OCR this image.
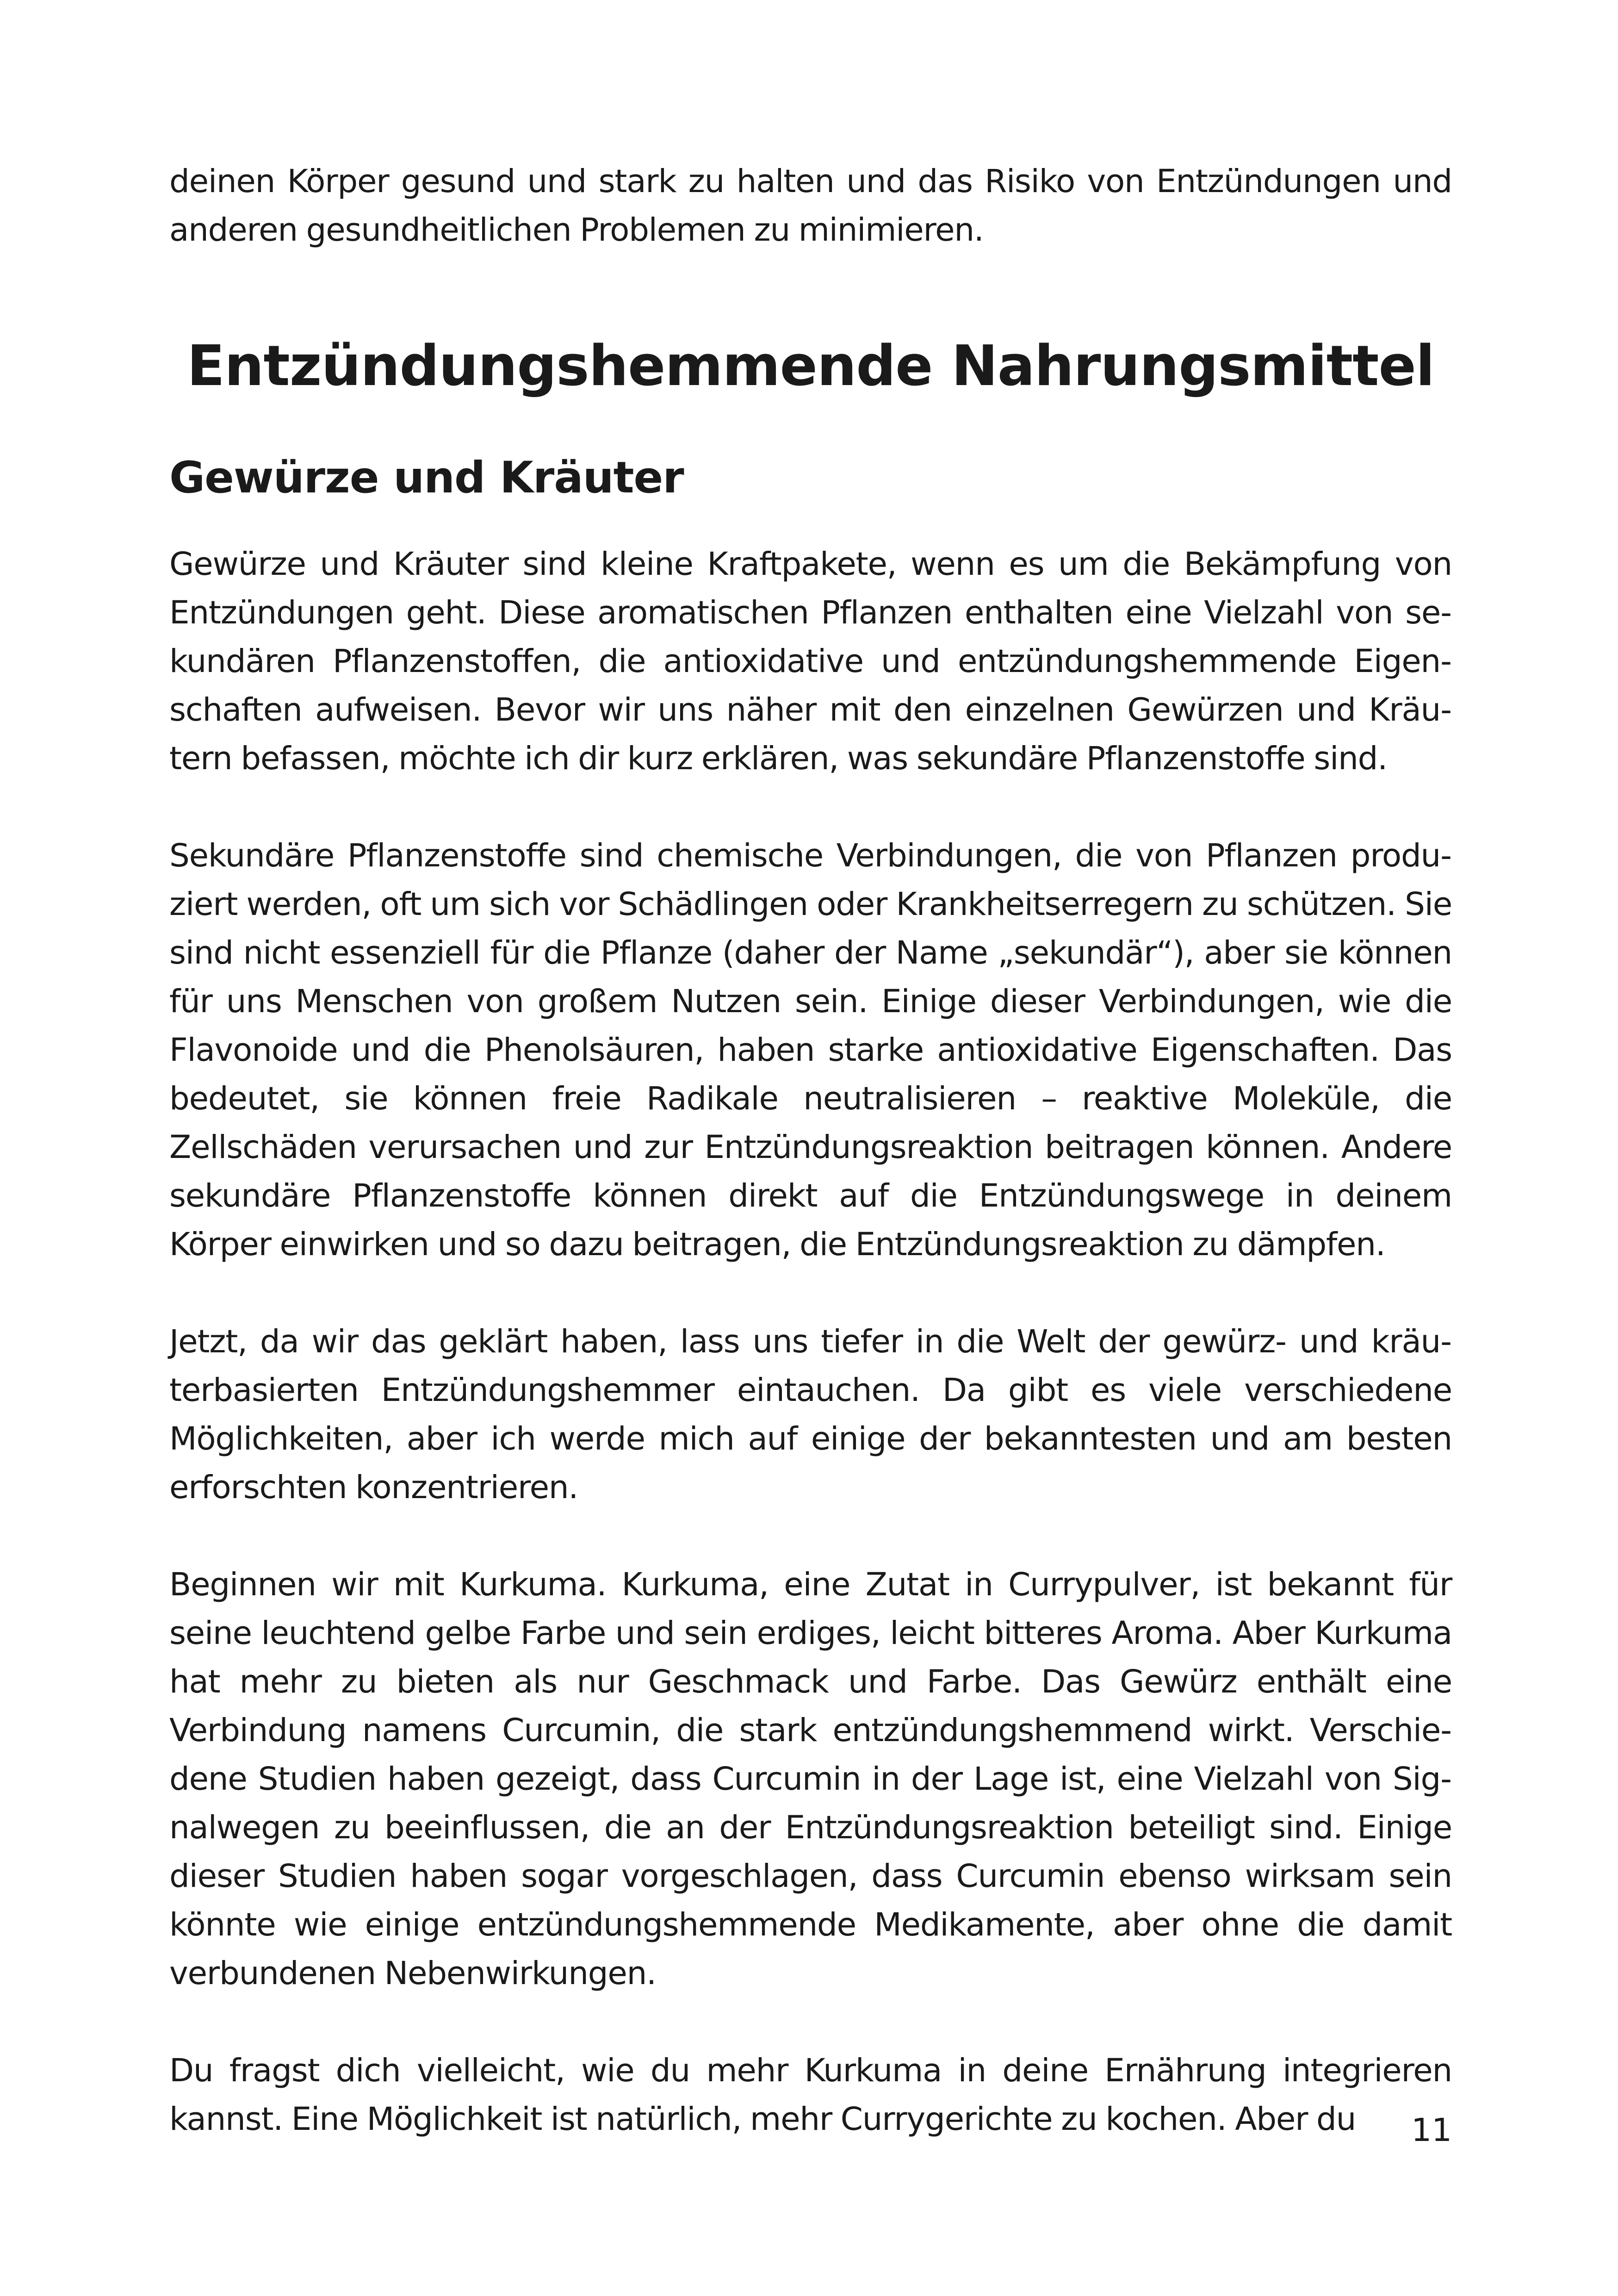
deinen Körper gesund und stark zu halten und das Risiko von Entzündungen und anderen gesundheitlichen Problemen zu minimieren.

Entzündungshemmende Nahrungsmittel
Gewürze und Kräuter

Gewürze und Kräuter sind kleine Kraftpakete, wenn es um die Bekämpfung von Entzündungen geht. Diese aromatischen Pflanzen enthalten eine Vielzahl von sekundären Pflanzenstoffen, die antioxidative und entzündungshemmende Eigenschaften aufweisen. Bevor wir uns näher mit den einzelnen Gewürzen und Kräutern befassen, möchte ich dir kurz erklären, was sekundäre Pflanzenstoffe sind.

Sekundäre Pflanzenstoffe sind chemische Verbindungen, die von Pflanzen produziert werden, oft um sich vor Schädlingen oder Krankheitserregern zu schützen. Sie sind nicht essenziell für die Pflanze (daher der Name „sekundär“), aber sie können für uns Menschen von großem Nutzen sein. Einige dieser Verbindungen, wie die Flavonoide und die Phenolsäuren, haben starke antioxidative Eigenschaften. Das bedeutet, sie können freie Radikale neutralisieren – reaktive Moleküle, die Zellschäden verursachen und zur Entzündungsreaktion beitragen können. Andere sekundäre Pflanzenstoffe können direkt auf die Entzündungswege in deinem Körper einwirken und so dazu beitragen, die Entzündungsreaktion zu dämpfen.

Jetzt, da wir das geklärt haben, lass uns tiefer in die Welt der gewürz- und kräuterbasierten Entzündungshemmer eintauchen. Da gibt es viele verschiedene Möglichkeiten, aber ich werde mich auf einige der bekanntesten und am besten erforschten konzentrieren.

Beginnen wir mit Kurkuma. Kurkuma, eine Zutat in Currypulver, ist bekannt für seine leuchtend gelbe Farbe und sein erdiges, leicht bitteres Aroma. Aber Kurkuma hat mehr zu bieten als nur Geschmack und Farbe. Das Gewürz enthält eine Verbindung namens Curcumin, die stark entzündungshemmend wirkt. Verschiedene Studien haben gezeigt, dass Curcumin in der Lage ist, eine Vielzahl von Signalwegen zu beeinflussen, die an der Entzündungsreaktion beteiligt sind. Einige dieser Studien haben sogar vorgeschlagen, dass Curcumin ebenso wirksam sein könnte wie einige entzündungshemmende Medikamente, aber ohne die damit verbundenen Nebenwirkungen.

Du fragst dich vielleicht, wie du mehr Kurkuma in deine Ernährung integrieren kannst. Eine Möglichkeit ist natürlich, mehr Currygerichte zu kochen. Aber du	11
